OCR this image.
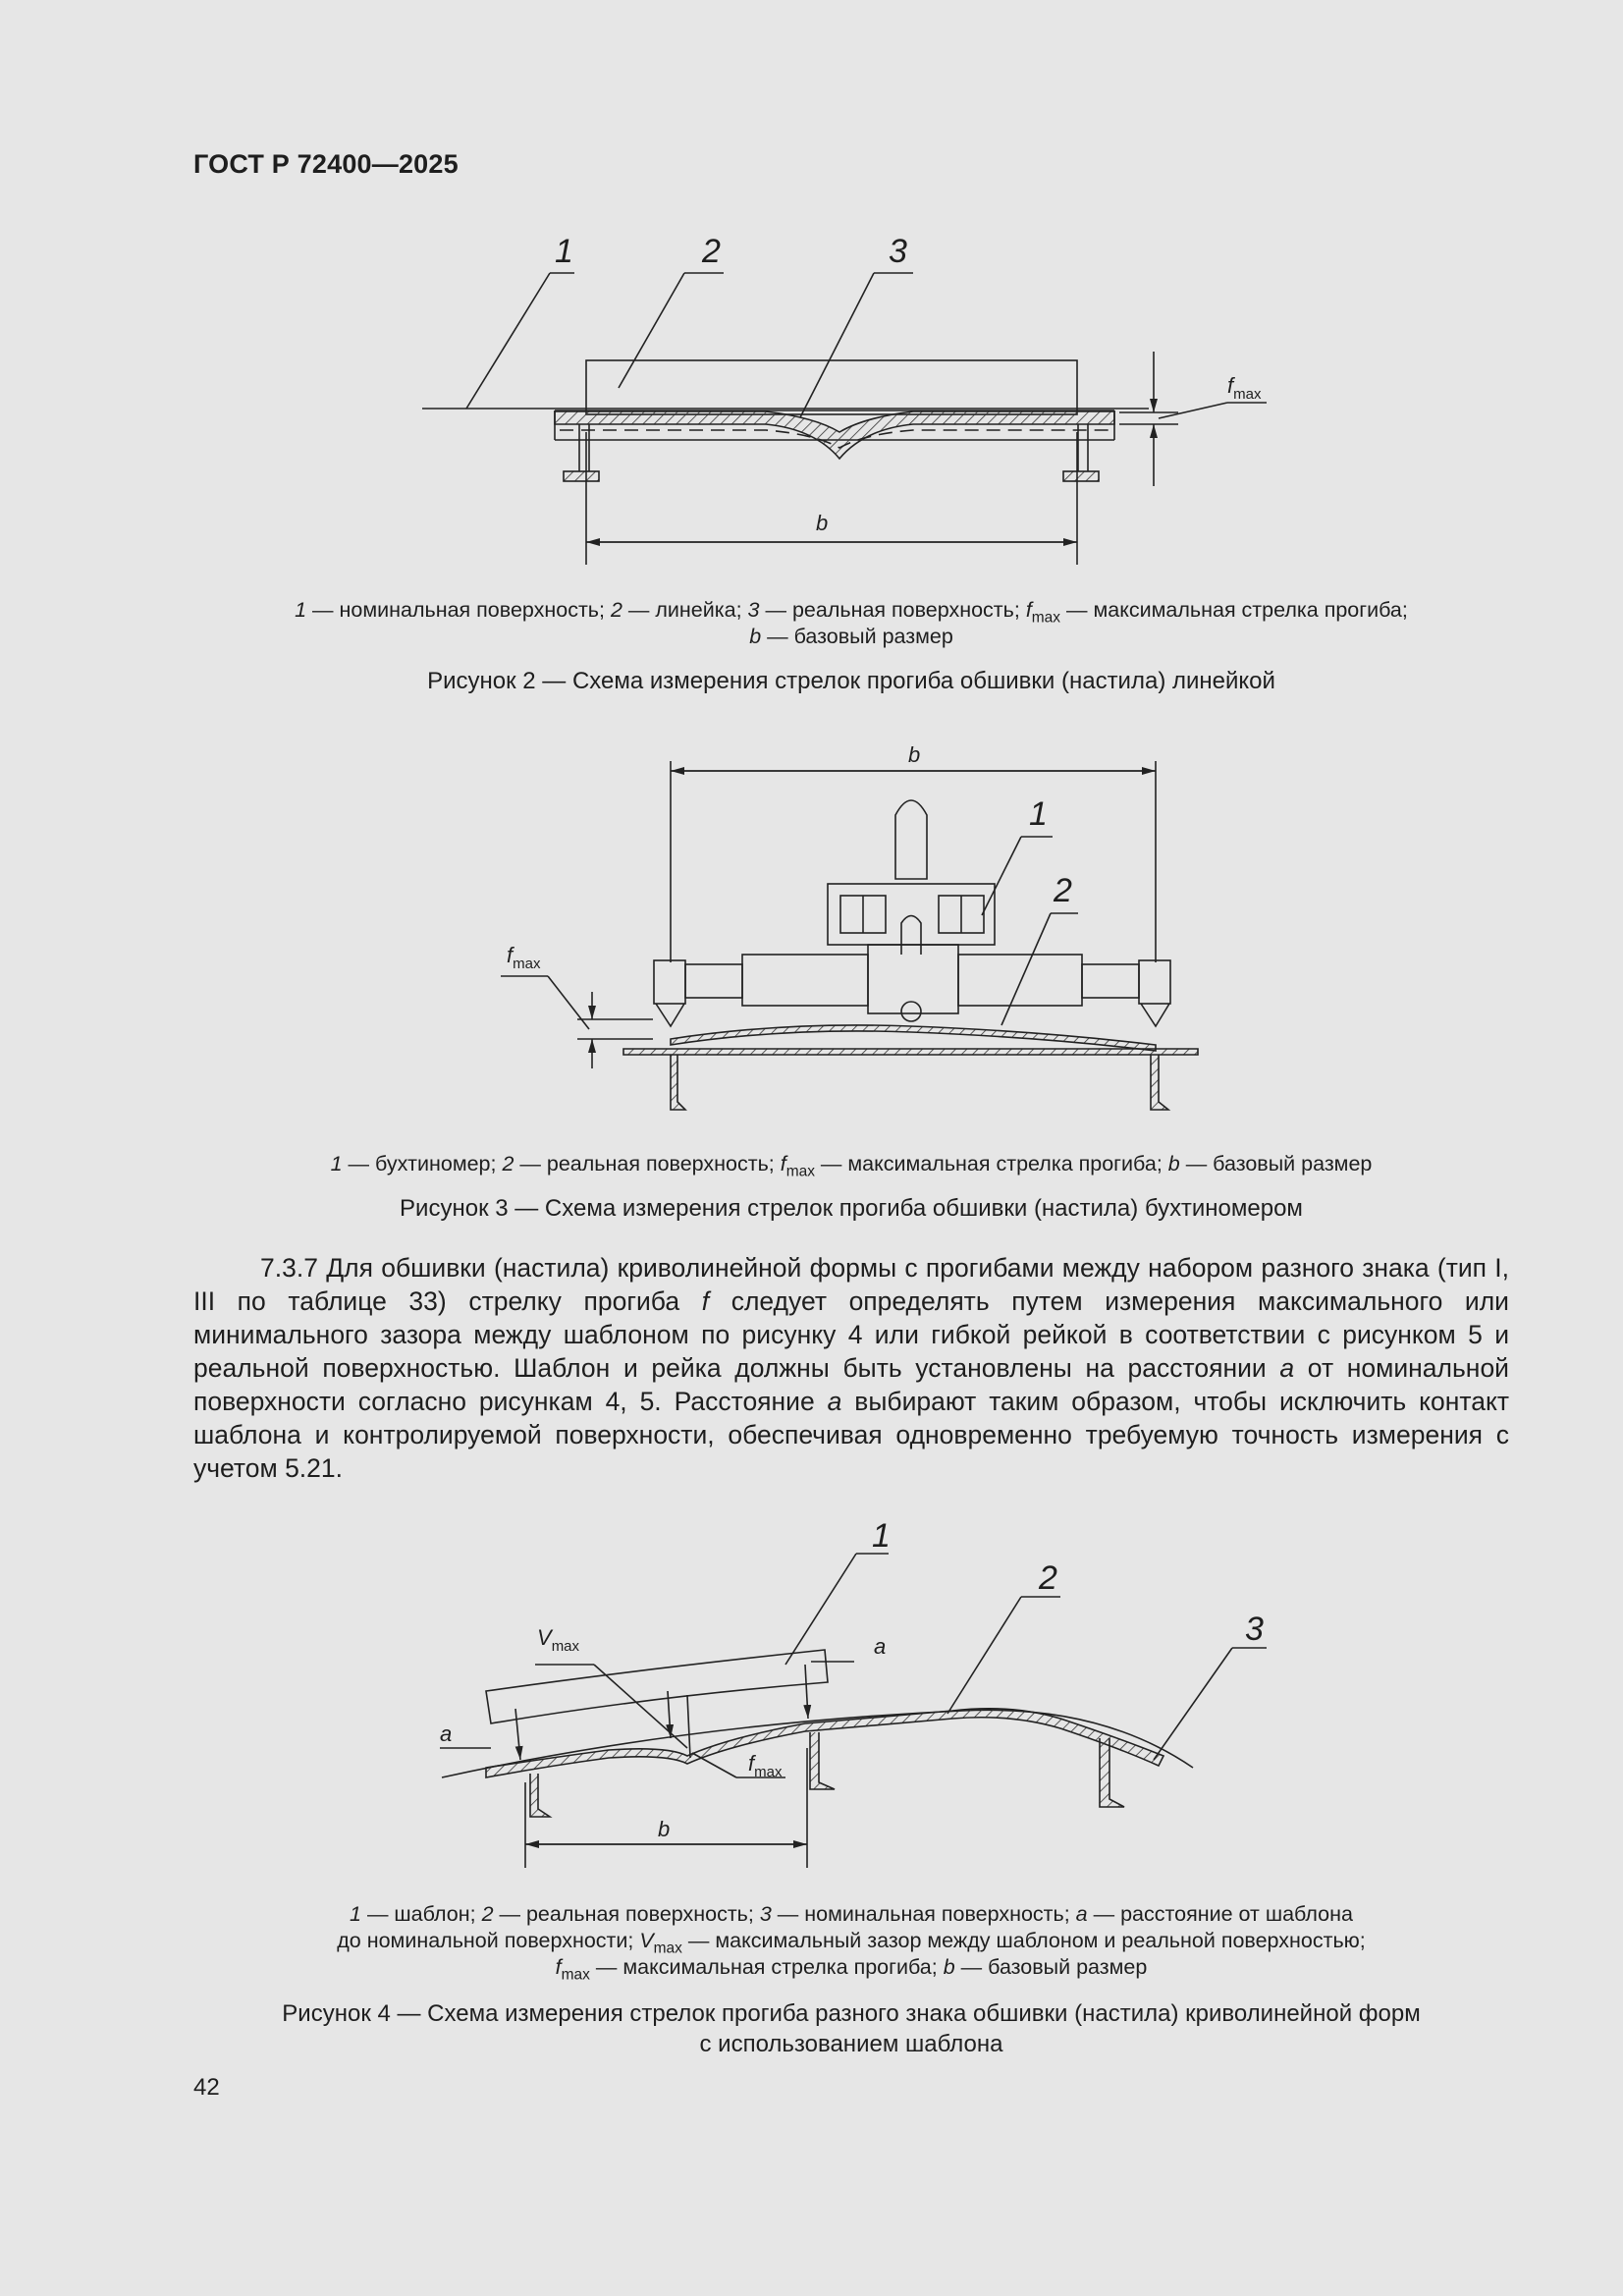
ГОСТ Р 72400—2025
1	2	3
b
$f_{max}$
1 — номинальная поверхность; 2 — линейка; 3 — реальная поверхность; $f_{max}$ — максимальная стрелка прогиба;
b — базовый размер
Рисунок 2 — Схема измерения стрелок прогиба обшивки (настила) линейкой
b
1
2
$f_{max}$
1 — бухтиномер; 2 — реальная поверхность; $f_{max}$ — максимальная стрелка прогиба; b — базовый размер
Рисунок 3 — Схема измерения стрелок прогиба обшивки (настила) бухтиномером

7.3.7 Для обшивки (настила) криволинейной формы с прогибами между набором разного знака (тип I, III по таблице 33) стрелку прогиба f следует определять путем измерения максимального или минимального зазора между шаблоном по рисунку 4 или гибкой рейкой в соответствии с рисунком 5 и реальной поверхностью. Шаблон и рейка должны быть установлены на расстоянии a от номинальной поверхности согласно рисункам 4, 5. Расстояние a выбирают таким образом, чтобы исключить контакт шаблона и контролируемой поверхности, обеспечивая одновременно требуемую точность измерения с учетом 5.21.

1
2
3
a
a
b
$V_{max}$
$f_{max}$
1 — шаблон; 2 — реальная поверхность; 3 — номинальная поверхность; a — расстояние от шаблона
до номинальной поверхности; $V_{max}$ — максимальный зазор между шаблоном и реальной поверхностью;
$f_{max}$ — максимальная стрелка прогиба; b — базовый размер
Рисунок 4 — Схема измерения стрелок прогиба разного знака обшивки (настила) криволинейной форм
с использованием шаблона
42
